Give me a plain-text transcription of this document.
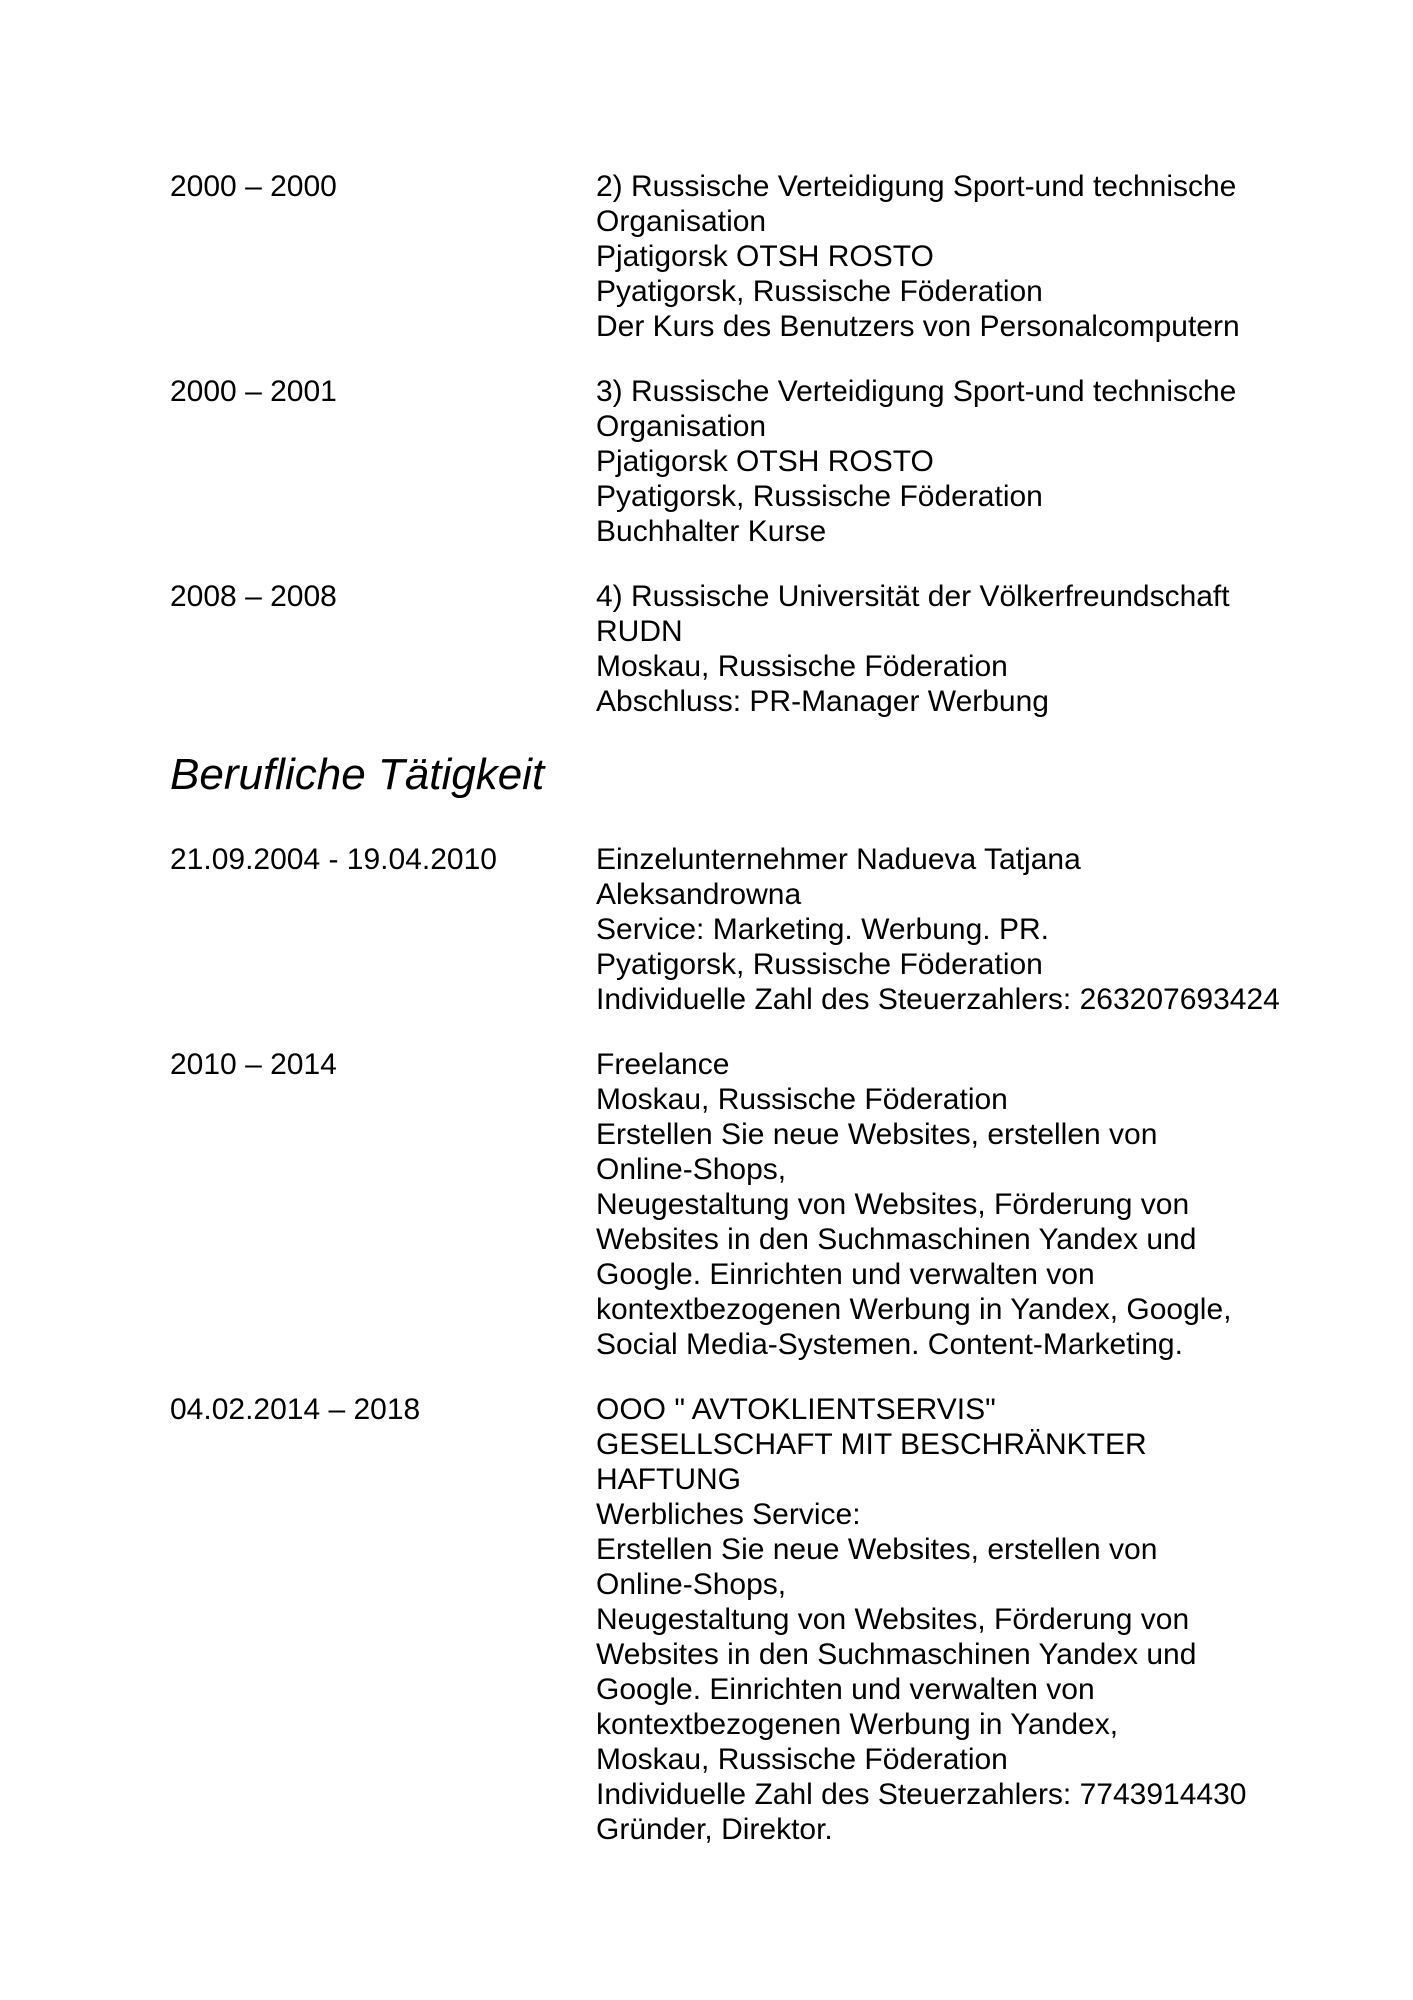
2000 – 2000	2) Russische Verteidigung Sport-und technische
Organisation
Pjatigorsk OTSH ROSTO
Pyatigorsk, Russische Föderation
Der Kurs des Benutzers von Personalcomputern
2000 – 2001	3) Russische Verteidigung Sport-und technische
Organisation
Pjatigorsk OTSH ROSTO
Pyatigorsk, Russische Föderation
Buchhalter Kurse
2008 – 2008	4) Russische Universität der Völkerfreundschaft
RUDN
Moskau, Russische Föderation
Abschluss: PR-Manager Werbung
Berufliche Tätigkeit
21.09.2004 - 19.04.2010	Einzelunternehmer Nadueva Tatjana
Aleksandrowna
Service: Marketing. Werbung. PR.
Pyatigorsk, Russische Föderation
Individuelle Zahl des Steuerzahlers: 263207693424
2010 – 2014	Freelance
Moskau, Russische Föderation
Erstellen Sie neue Websites, erstellen von
Online-Shops,
Neugestaltung von Websites, Förderung von
Websites in den Suchmaschinen Yandex und
Google. Einrichten und verwalten von
kontextbezogenen Werbung in Yandex, Google,
Social Media-Systemen. Content-Marketing.
04.02.2014 – 2018	OOO " AVTOKLIENTSERVIS"
GESELLSCHAFT MIT BESCHRÄNKTER
HAFTUNG
Werbliches Service:
Erstellen Sie neue Websites, erstellen von
Online-Shops,
Neugestaltung von Websites, Förderung von
Websites in den Suchmaschinen Yandex und
Google. Einrichten und verwalten von
kontextbezogenen Werbung in Yandex,
Moskau, Russische Föderation
Individuelle Zahl des Steuerzahlers: 7743914430
Gründer, Direktor.
